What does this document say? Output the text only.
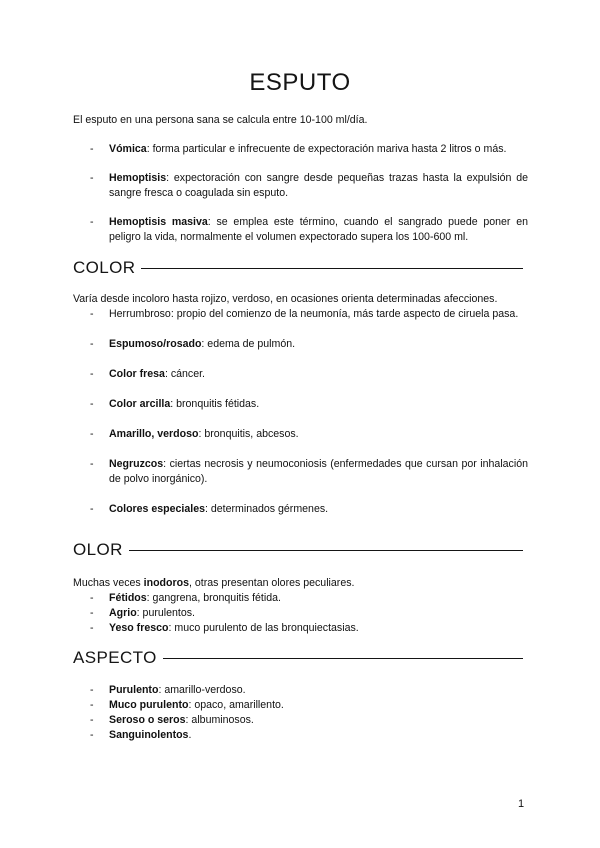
ESPUTO
El esputo en una persona sana se calcula entre 10-100 ml/día.
- Vómica: forma particular e infrecuente de expectoración mariva hasta 2 litros o más.
- Hemoptisis: expectoración con sangre desde pequeñas trazas hasta la expulsión de sangre fresca o coagulada sin esputo.
- Hemoptisis masiva: se emplea este término, cuando el sangrado puede poner en peligro la vida, normalmente el volumen expectorado supera los 100-600 ml.
COLOR
Varía desde incoloro hasta rojizo, verdoso, en ocasiones orienta determinadas afecciones.
- Herrumbroso: propio del comienzo de la neumonía, más tarde aspecto de ciruela pasa.
- Espumoso/rosado: edema de pulmón.
- Color fresa: cáncer.
- Color arcilla: bronquitis fétidas.
- Amarillo, verdoso: bronquitis, abcesos.
- Negruzcos: ciertas necrosis y neumoconiosis (enfermedades que cursan por inhalación de polvo inorgánico).
- Colores especiales: determinados gérmenes.
OLOR
Muchas veces inodoros, otras presentan olores peculiares.
- Fétidos: gangrena, bronquitis fétida.
- Agrio: purulentos.
- Yeso fresco: muco purulento de las bronquiectasias.
ASPECTO
- Purulento: amarillo-verdoso.
- Muco purulento: opaco, amarillento.
- Seroso o seros: albuminosos.
- Sanguinolentos.
1
